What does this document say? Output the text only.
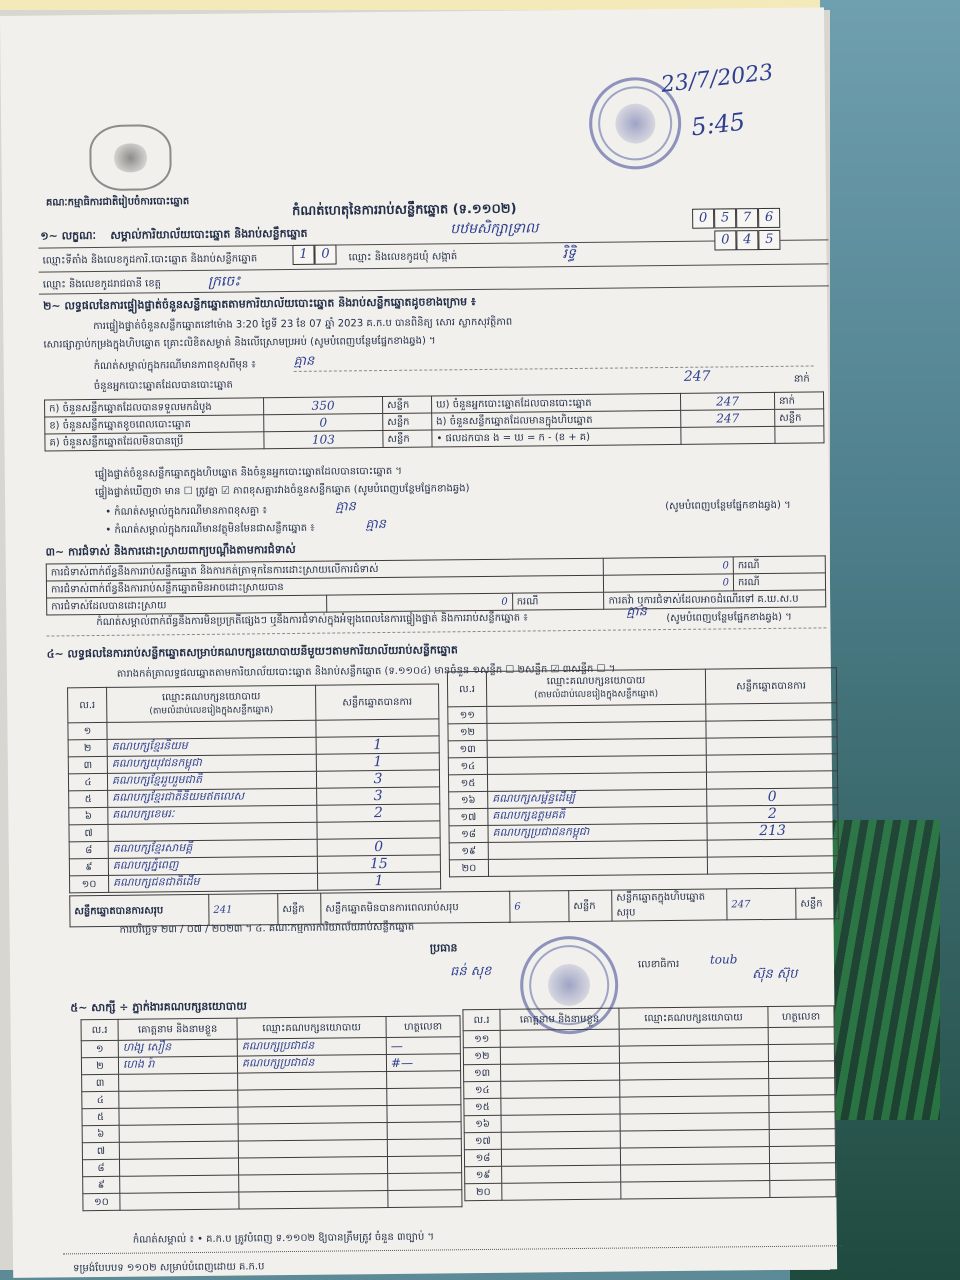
23/7/2023
5:45
គណៈកម្មាធិការជាតិរៀបចំការបោះឆ្នោត	កំណត់ហេតុនៃការរាប់សន្លឹកឆ្នោត (ទ.១១០២)
១~ លក្ខណៈ សម្គាល់ការិយាល័យបោះឆ្នោត និងរាប់សន្លឹកឆ្នោត	បឋមសិក្សាទ្រាល
0 5 7 6
ឈ្មោះទីតាំង និងលេខកូដការិ.បោះឆ្នោត និងរាប់សន្លឹកឆ្នោត	1 0	ឈ្មោះ និងលេខកូដឃុំ សង្កាត់	រិទ្ធិ
0 4 5
ឈ្មោះ និងលេខកូដរាជធានី ខេត្ត	ក្រចេះ
២~ លទ្ធផលនៃការផ្ទៀងផ្ទាត់ចំនួនសន្លឹកឆ្នោតតាមការិយាល័យបោះឆ្នោត និងរាប់សន្លឹកឆ្នោតដូចខាងក្រោម ៖
ការផ្ទៀងផ្ទាត់ចំនួនសន្លឹកឆ្នោតនៅម៉ោង 3:20 ថ្ងៃទី 23 ខែ 07 ឆ្នាំ 2023 គ.ក.ប បានពិនិត្យ សោរ ស្លាកសុវត្ថិភាព
សោរផ្សាភ្ជាប់កម្រងក្នុងហិបឆ្នោត គ្រោះលិខិតសម្ងាត់ និងលើស្រោមប្រអប់ (សូមបំពេញបន្ថែមផ្នែកខាងឆ្វង) ។
កំណត់សម្គាល់ក្នុងករណីមានភាពខុសពីមុន ៖	គ្មាន
ចំនួនអ្នកបោះឆ្នោតដែលបានបោះឆ្នោត
247	នាក់
ក) ចំនួនសន្លឹកឆ្នោតដែលបានទទួលមកដំបូង	350	សន្លឹក	ឃ) ចំនួនអ្នកបោះឆ្នោតដែលបានបោះឆ្នោត	247	នាក់
ខ) ចំនួនសន្លឹកឆ្នោតខូចពេលបោះឆ្នោត	0	សន្លឹក	ង) ចំនួនសន្លឹកឆ្នោតដែលមានក្នុងហិបឆ្នោត	247	សន្លឹក
គ) ចំនួនសន្លឹកឆ្នោតដែលមិនបានប្រើ	103	សន្លឹក	• ផលដកបាន ង = ឃ = ក - (ខ + គ)		
ផ្ទៀងផ្ទាត់ចំនួនសន្លឹកឆ្នោតក្នុងហិបឆ្នោត និងចំនួនអ្នកបោះឆ្នោតដែលបានបោះឆ្នោត ។
ផ្ទៀងផ្ទាត់ឃើញថា មាន ☐ ត្រូវគ្នា ☑ ភាពខុសគ្នារវាងចំនួនសន្លឹកឆ្នោត (សូមបំពេញបន្ថែមផ្នែកខាងឆ្វង)
• កំណត់សម្គាល់ក្នុងករណីមានភាពខុសគ្នា ៖	គ្មាន
• កំណត់សម្គាល់ក្នុងករណីមានវត្ថុមិនមែនជាសន្លឹកឆ្នោត ៖	គ្មាន
(សូមបំពេញបន្ថែមផ្នែកខាងឆ្វង) ។
៣~ ការជំទាស់ និងការដោះស្រាយពាក្យបណ្តឹងតាមការជំទាស់
ការជំទាស់ពាក់ព័ន្ធនឹងការរាប់សន្លឹកឆ្នោត និងការកត់ត្រាទុកនៃការដោះស្រាយលើការជំទាស់			0	ករណី
ការជំទាស់ពាក់ព័ន្ធនឹងការរាប់សន្លឹកឆ្នោតមិនអាចដោះស្រាយបាន			0	ករណី
ការជំទាស់ដែលបានដោះស្រាយ	0	ករណី	ការតវ៉ា ឬការជំទាស់ដែលអាចដំណើរទៅ គ.ឃ.ស.ប	
កំណត់សម្គាល់ពាក់ព័ន្ធនឹងការមិនប្រក្រតីផ្សេងៗ ឬនឹងការជំទាស់ក្នុងអំឡុងពេលនៃការផ្ទៀងផ្ទាត់ និងការរាប់សន្លឹកឆ្នោត ៖
គ្មាន (សូមបំពេញបន្ថែមផ្នែកខាងឆ្វង) ។
៤~ លទ្ធផលនៃការរាប់សន្លឹកឆ្នោតសម្រាប់គណបក្សនយោបាយនីមួយៗតាមការិយាល័យរាប់សន្លឹកឆ្នោត
តារាងកត់ត្រាលទ្ធផលឆ្នោតតាមការិយាល័យបោះឆ្នោត និងរាប់សន្លឹកឆ្នោត (ទ.១១០៤) មានចំនួន ១សន្លឹក ☐ ២សន្លឹក ☑ ៣សន្លឹក ☐ ។
ល.រ	ឈ្មោះគណបក្សនយោបាយ
(តាមលំដាប់លេខរៀងក្នុងសន្លឹកឆ្នោត)	សន្លឹកឆ្នោតបានការ
១		
២	គណបក្សខ្មែរនិយម	1
៣	គណបក្សយុវជនកម្ពុជា	1
៤	គណបក្សខ្មែររួបរួមជាតិ	3
៥	គណបក្សខ្មែរជាតិនិយមឥតលេស	3
៦	គណបក្សខេមរៈ	2
៧		
៨	គណបក្សខ្មែរសាមគ្គី	0
៩	គណបក្សភ្នំពេញ	15
១០	គណបក្សជនជាតិដើម	1
ល.រ	ឈ្មោះគណបក្សនយោបាយ
(តាមលំដាប់លេខរៀងក្នុងសន្លឹកឆ្នោត)	សន្លឹកឆ្នោតបានការ
១១		
១២		
១៣		
១៤		
១៥		
១៦	គណបក្សសម្ព័ន្ធដើម្បី	0
១៧	គណបក្សឧត្តមគតិ	2
១៨	គណបក្សប្រជាជនកម្ពុជា	213
១៩		
២០		
សន្លឹកឆ្នោតបានការសរុប	241	សន្លឹក	សន្លឹកឆ្នោតមិនបានការពេលរាប់សរុប	6	សន្លឹក	សន្លឹកឆ្នោតក្នុងហិបឆ្នោតសរុប	247	សន្លឹក
ការបរិច្ឆេទ ២៣ / ០៧ / ២០២៣ ។ ៤. គណៈកម្មការការិយាល័យរាប់សន្លឹកឆ្នោត
ប្រធាន
ធន់ សុខ	លេខាធិការ	toub
ស៊ុន ស៊ុប
៥~ សាក្សី ÷ ភ្នាក់ងារគណបក្សនយោបាយ
ល.រ	គោត្តនាម និងនាមខ្លួន	ឈ្មោះគណបក្សនយោបាយ	ហត្ថលេខា
១	ហង្ស សឿន	គណបក្សប្រជាជន	—
២	ហេង រ៉ា	គណបក្សប្រជាជន	#—
៣			
៤			
៥			
៦			
៧			
៨			
៩			
១០			
ល.រ	គោត្តនាម និងនាមខ្លួន	ឈ្មោះគណបក្សនយោបាយ	ហត្ថលេខា
១១			
១២			
១៣			
១៤			
១៥			
១៦			
១៧			
១៨			
១៩			
២០			
កំណត់សម្គាល់ ៖ • គ.ក.ប ត្រូវបំពេញ ទ.១១០២ ឱ្យបានត្រឹមត្រូវ ចំនួន ៣ច្បាប់ ។
ទម្រង់បែបបទ ១១០២ សម្រាប់បំពេញដោយ គ.ក.ប
